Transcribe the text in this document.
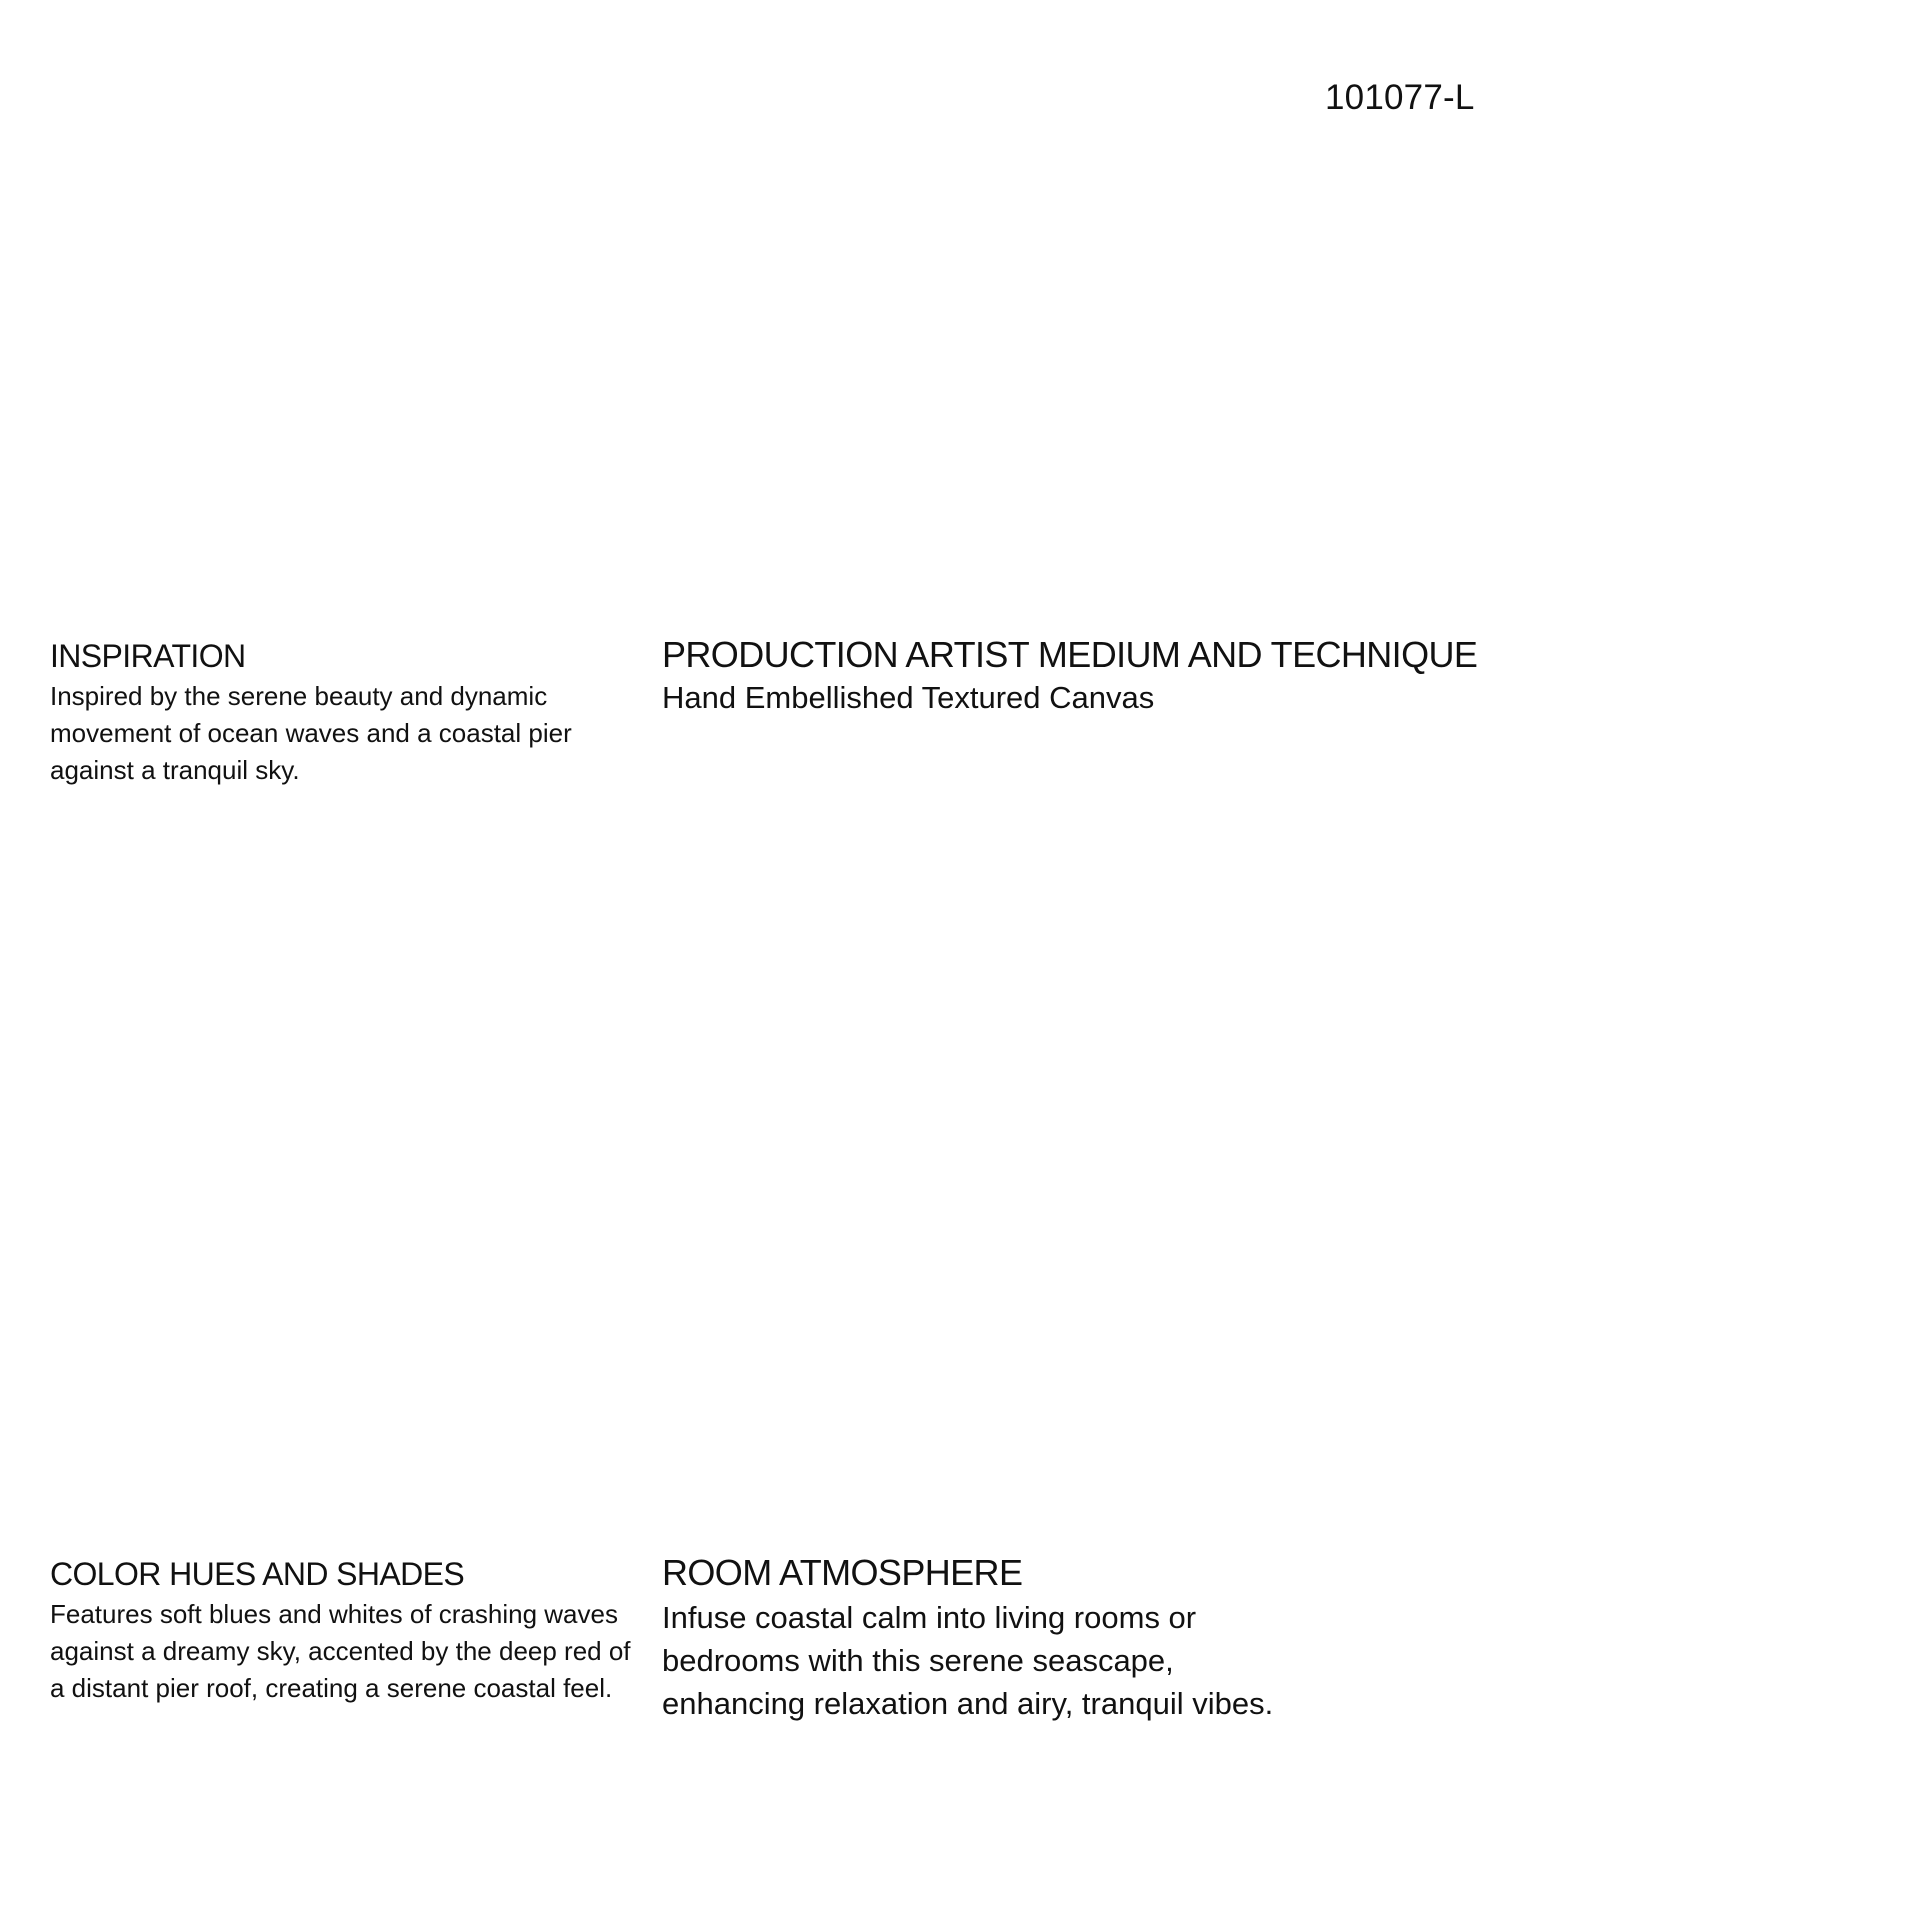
101077-L

INSPIRATION

Inspired by the serene beauty and dynamic movement of ocean waves and a coastal pier against a tranquil sky.

PRODUCTION ARTIST MEDIUM AND TECHNIQUE

Hand Embellished Textured Canvas

COLOR HUES AND SHADES

Features soft blues and whites of crashing waves against a dreamy sky, accented by the deep red of a distant pier roof, creating a serene coastal feel.

ROOM ATMOSPHERE

Infuse coastal calm into living rooms or bedrooms with this serene seascape, enhancing relaxation and airy, tranquil vibes.
